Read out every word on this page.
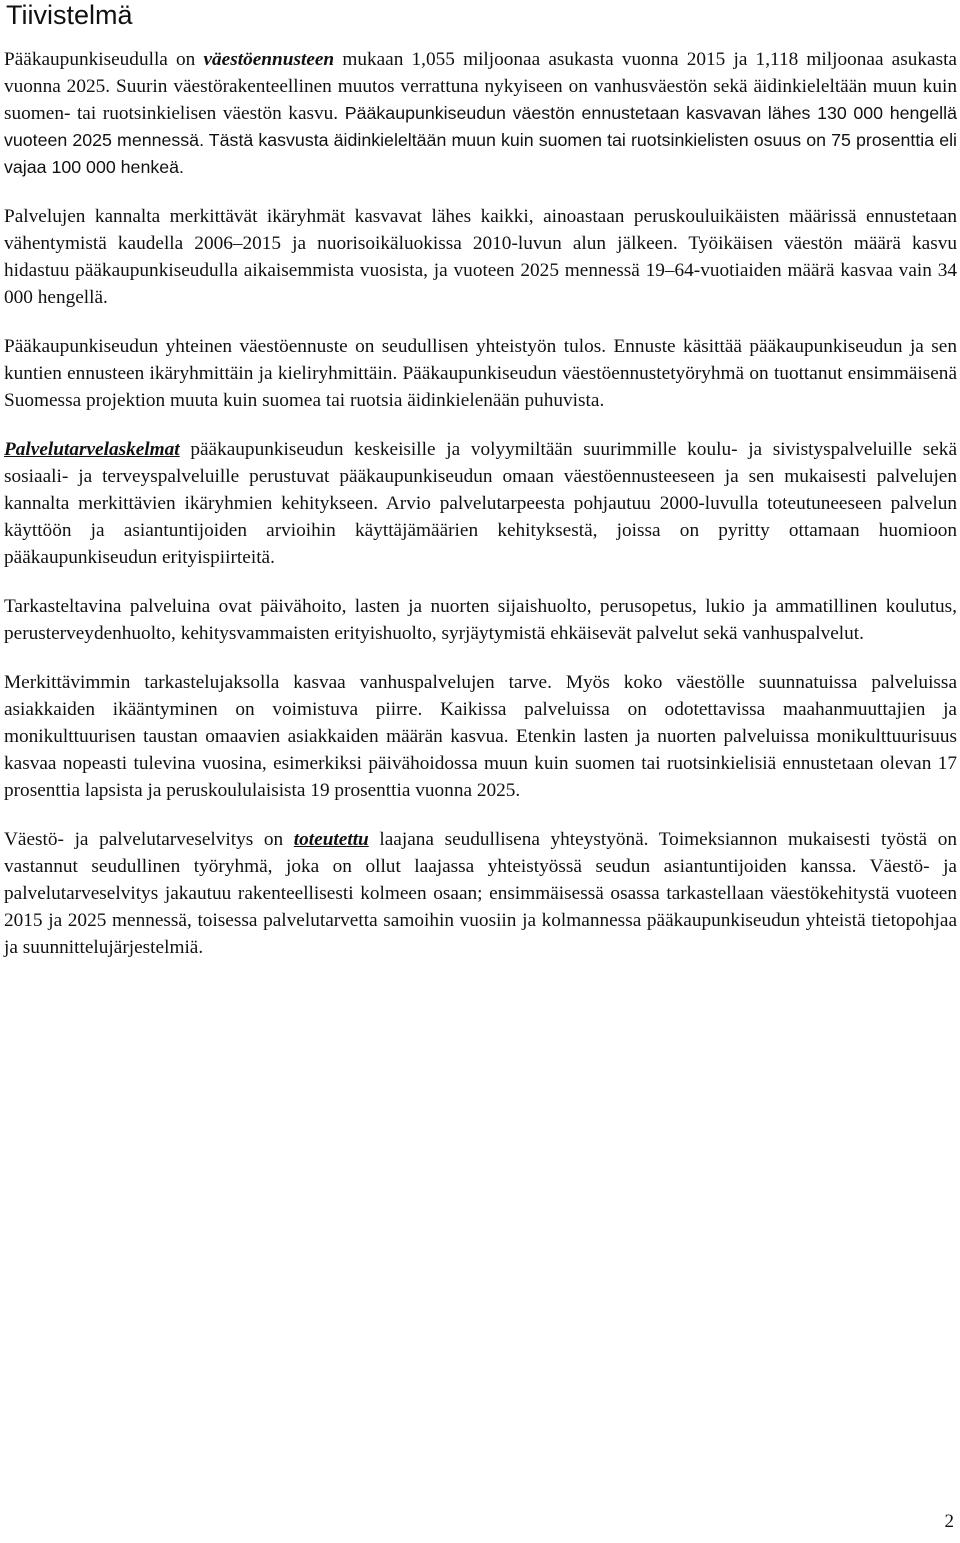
Tiivistelmä

Pääkaupunkiseudulla on väestöennusteen mukaan 1,055 miljoonaa asukasta vuonna 2015 ja 1,118 miljoonaa asukasta vuonna 2025. Suurin väestörakenteellinen muutos verrattuna nykyiseen on vanhusväestön sekä äidinkieleltään muun kuin suomen- tai ruotsinkielisen väestön kasvu. Pääkaupunkiseudun väestön ennustetaan kasvavan lähes 130 000 hengellä vuoteen 2025 mennessä. Tästä kasvusta äidinkieleltään muun kuin suomen tai ruotsinkielisten osuus on 75 prosenttia eli vajaa 100 000 henkeä.

Palvelujen kannalta merkittävät ikäryhmät kasvavat lähes kaikki, ainoastaan peruskouluikäisten määrissä ennustetaan vähentymistä kaudella 2006–2015 ja nuorisoikäluokissa 2010-luvun alun jälkeen. Työikäisen väestön määrä kasvu hidastuu pääkaupunkiseudulla aikaisemmista vuosista, ja vuoteen 2025 mennessä 19–64-vuotiaiden määrä kasvaa vain 34 000 hengellä.

Pääkaupunkiseudun yhteinen väestöennuste on seudullisen yhteistyön tulos. Ennuste käsittää pääkaupunkiseudun ja sen kuntien ennusteen ikäryhmittäin ja kieliryhmittäin. Pääkaupunkiseudun väestöennustetyöryhmä on tuottanut ensimmäisenä Suomessa projektion muuta kuin suomea tai ruotsia äidinkielenään puhuvista.

Palvelutarvelaskelmat pääkaupunkiseudun keskeisille ja volyymiltään suurimmille koulu- ja sivistyspalveluille sekä sosiaali- ja terveyspalveluille perustuvat pääkaupunkiseudun omaan väestöennusteeseen ja sen mukaisesti palvelujen kannalta merkittävien ikäryhmien kehitykseen. Arvio palvelutarpeesta pohjautuu 2000-luvulla toteutuneeseen palvelun käyttöön ja asiantuntijoiden arvioihin käyttäjämäärien kehityksestä, joissa on pyritty ottamaan huomioon pääkaupunkiseudun erityispiirteitä.

Tarkasteltavina palveluina ovat päivähoito, lasten ja nuorten sijaishuolto, perusopetus, lukio ja ammatillinen koulutus, perusterveydenhuolto, kehitysvammaisten erityishuolto, syrjäytymistä ehkäisevät palvelut sekä vanhuspalvelut.

Merkittävimmin tarkastelujaksolla kasvaa vanhuspalvelujen tarve. Myös koko väestölle suunnatuissa palveluissa asiakkaiden ikääntyminen on voimistuva piirre. Kaikissa palveluissa on odotettavissa maahanmuuttajien ja monikulttuurisen taustan omaavien asiakkaiden määrän kasvua. Etenkin lasten ja nuorten palveluissa monikulttuurisuus kasvaa nopeasti tulevina vuosina, esimerkiksi päivähoidossa muun kuin suomen tai ruotsinkielisiä ennustetaan olevan 17 prosenttia lapsista ja peruskoululaisista 19 prosenttia vuonna 2025.

Väestö- ja palvelutarveselvitys on toteutettu laajana seudullisena yhteystyönä. Toimeksiannon mukaisesti työstä on vastannut seudullinen työryhmä, joka on ollut laajassa yhteistyössä seudun asiantuntijoiden kanssa. Väestö- ja palvelutarveselvitys jakautuu rakenteellisesti kolmeen osaan; ensimmäisessä osassa tarkastellaan väestökehitystä vuoteen 2015 ja 2025 mennessä, toisessa palvelutarvetta samoihin vuosiin ja kolmannessa pääkaupunkiseudun yhteistä tietopohjaa ja suunnittelujärjestelmiä.

2
